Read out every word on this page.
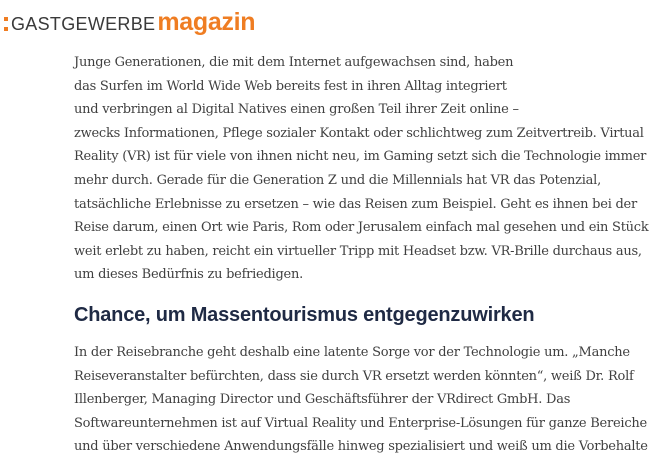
GASTGEWERBE magazin

Junge Generationen, die mit dem Internet aufgewachsen sind, haben
das Surfen im World Wide Web bereits fest in ihren Alltag integriert
und verbringen al Digital Natives einen großen Teil ihrer Zeit online –
zwecks Informationen, Pflege sozialer Kontakt oder schlichtweg zum Zeitvertreib. Virtual
Reality (VR) ist für viele von ihnen nicht neu, im Gaming setzt sich die Technologie immer
mehr durch. Gerade für die Generation Z und die Millennials hat VR das Potenzial,
tatsächliche Erlebnisse zu ersetzen – wie das Reisen zum Beispiel. Geht es ihnen bei der
Reise darum, einen Ort wie Paris, Rom oder Jerusalem einfach mal gesehen und ein Stück
weit erlebt zu haben, reicht ein virtueller Tripp mit Headset bzw. VR-Brille durchaus aus,
um dieses Bedürfnis zu befriedigen.

Chance, um Massentourismus entgegenzuwirken

In der Reisebranche geht deshalb eine latente Sorge vor der Technologie um. „Manche
Reiseveranstalter befürchten, dass sie durch VR ersetzt werden könnten“, weiß Dr. Rolf
Illenberger, Managing Director und Geschäftsführer der VRdirect GmbH. Das
Softwareunternehmen ist auf Virtual Reality und Enterprise-Lösungen für ganze Bereiche
und über verschiedene Anwendungsfälle hinweg spezialisiert und weiß um die Vorbehalte
